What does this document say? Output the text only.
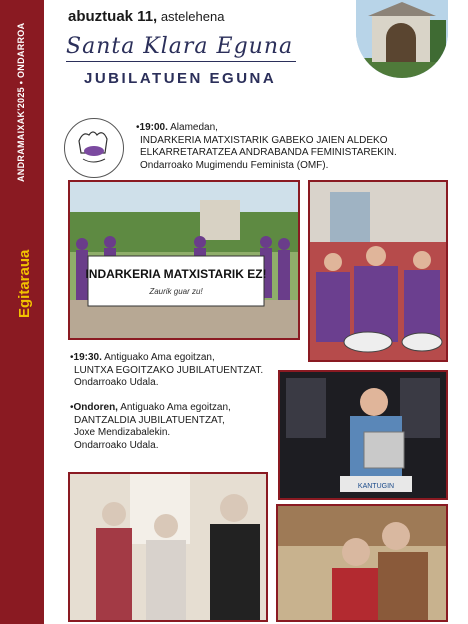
ANDRAMAIXAK'2025 • ONDARROA
Egitaraua
abuztuak 11, astelehena
Santa Klara Eguna
JUBILATUEN EGUNA
•19:00. Alamedan,
INDARKERIA MATXISTARIK GABEKO JAIEN ALDEKO
ELKARRETARATZEA ANDRABANDA FEMINISTAREKIN.
Ondarroako Mugimendu Feminista (OMF).
INDARKERIA MATXISTARIK EZ!
Zaurik guar zu!
•19:30. Antiguako Ama egoitzan,
LUNTXA EGOITZAKO JUBILATUENTZAT.
Ondarroako Udala.
•Ondoren, Antiguako Ama egoitzan,
DANTZALDIA JUBILATUENTZAT,
Joxe Mendizabalekin.
Ondarroako Udala.
KANTUGIN
